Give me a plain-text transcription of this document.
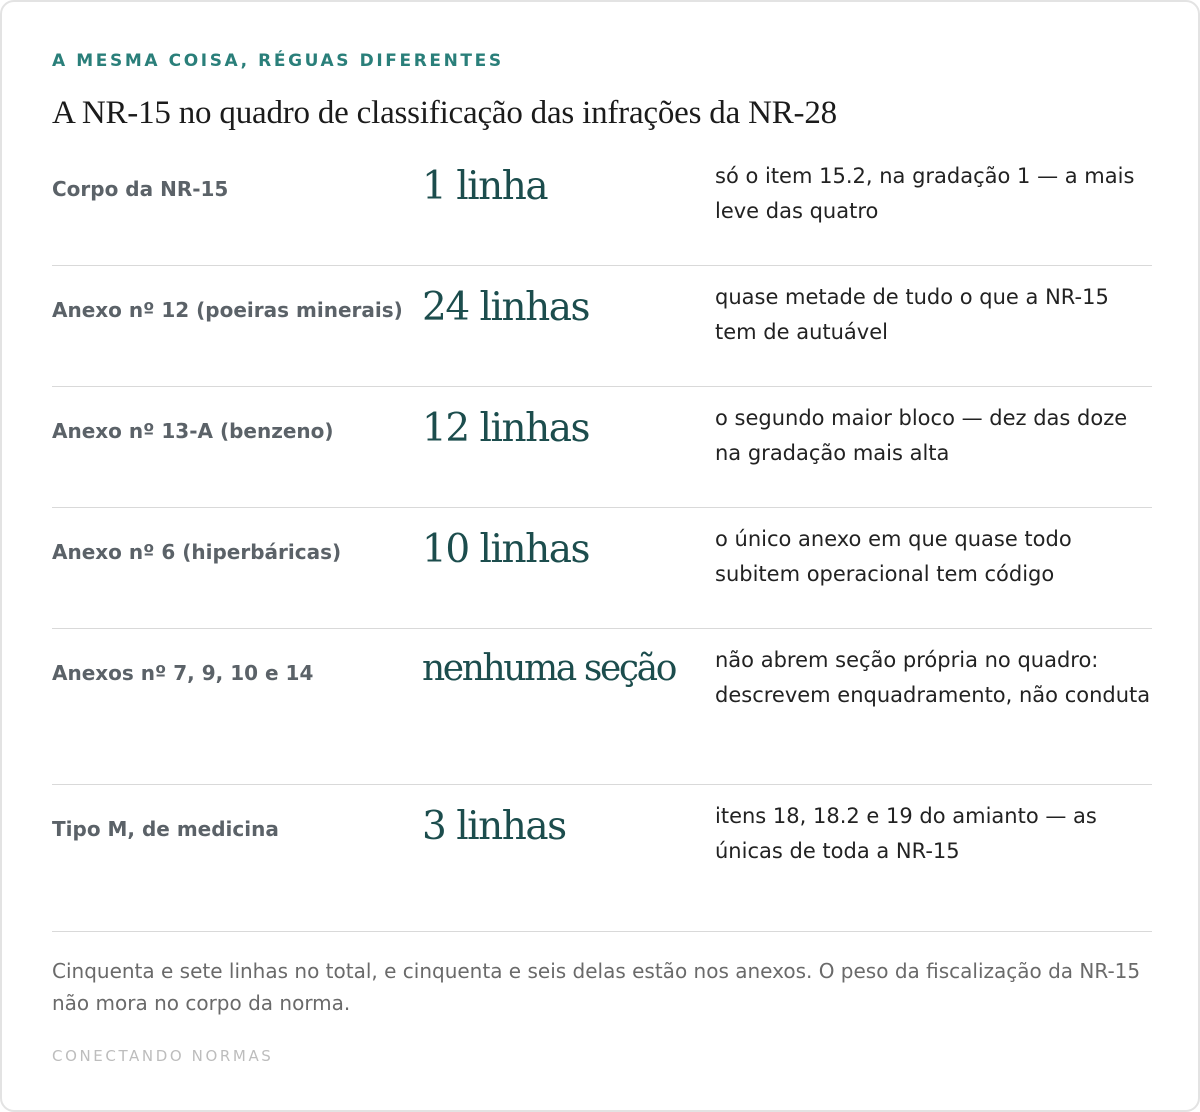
A MESMA COISA, RÉGUAS DIFERENTES
A NR-15 no quadro de classificação das infrações da NR-28
Corpo da NR-15	1 linha	só o item 15.2, na gradação 1 — a mais leve das quatro
Anexo nº 12 (poeiras minerais) 24 linhas	quase metade de tudo o que a NR-15 tem de autuável
Anexo nº 13-A (benzeno)	12 linhas	o segundo maior bloco — dez das doze na gradação mais alta
Anexo nº 6 (hiperbáricas)	10 linhas	o único anexo em que quase todo subitem operacional tem código
Anexos nº 7, 9, 10 e 14	nenhuma seção	não abrem seção própria no quadro: descrevem enquadramento, não conduta
Tipo M, de medicina	3 linhas	itens 18, 18.2 e 19 do amianto — as únicas de toda a NR-15
Cinquenta e sete linhas no total, e cinquenta e seis delas estão nos anexos. O peso da fiscalização da NR-15 não mora no corpo da norma.
CONECTANDO NORMAS
